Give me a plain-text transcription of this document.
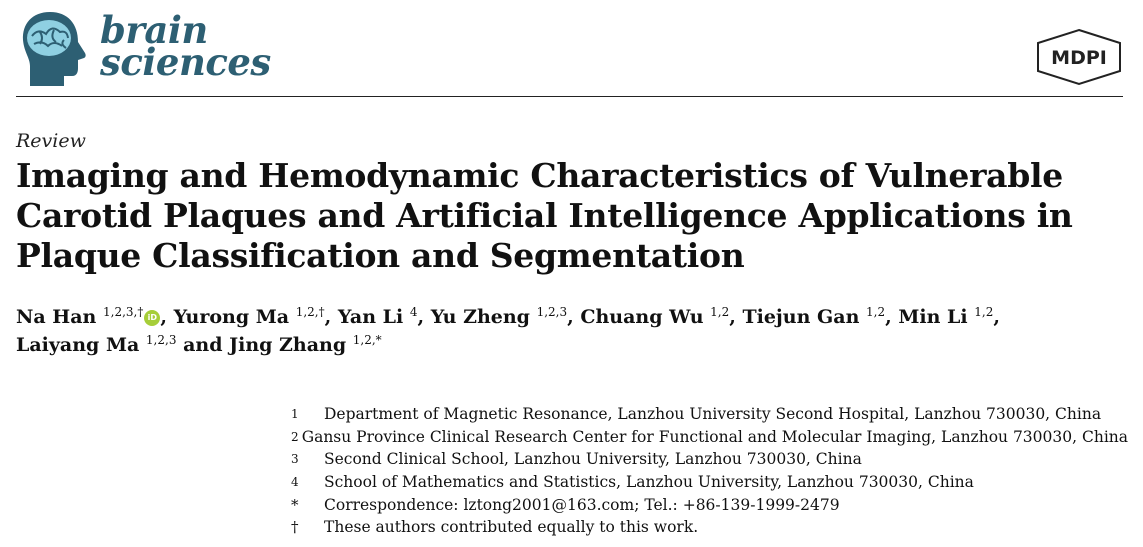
brain
sciences	MDPI
Review
Imaging and Hemodynamic Characteristics of Vulnerable
Carotid Plaques and Artificial Intelligence Applications in
Plaque Classification and Segmentation
Na Han $^{1,2,3,\dagger}$ iD , Yurong Ma $^{1,2,\dagger}$, Yan Li $^4$, Yu Zheng $^{1,2,3}$, Chuang Wu $^{1,2}$, Tiejun Gan $^{1,2}$, Min Li $^{1,2}$,
Laiyang Ma $^{1,2,3}$ and Jing Zhang $^{1,2,*}$
1	Department of Magnetic Resonance, Lanzhou University Second Hospital, Lanzhou 730030, China
2 Gansu Province Clinical Research Center for Functional and Molecular Imaging, Lanzhou 730030, China
3	Second Clinical School, Lanzhou University, Lanzhou 730030, China
4	School of Mathematics and Statistics, Lanzhou University, Lanzhou 730030, China
*	Correspondence: lztong2001@163.com; Tel.: +86-139-1999-2479
†	These authors contributed equally to this work.
